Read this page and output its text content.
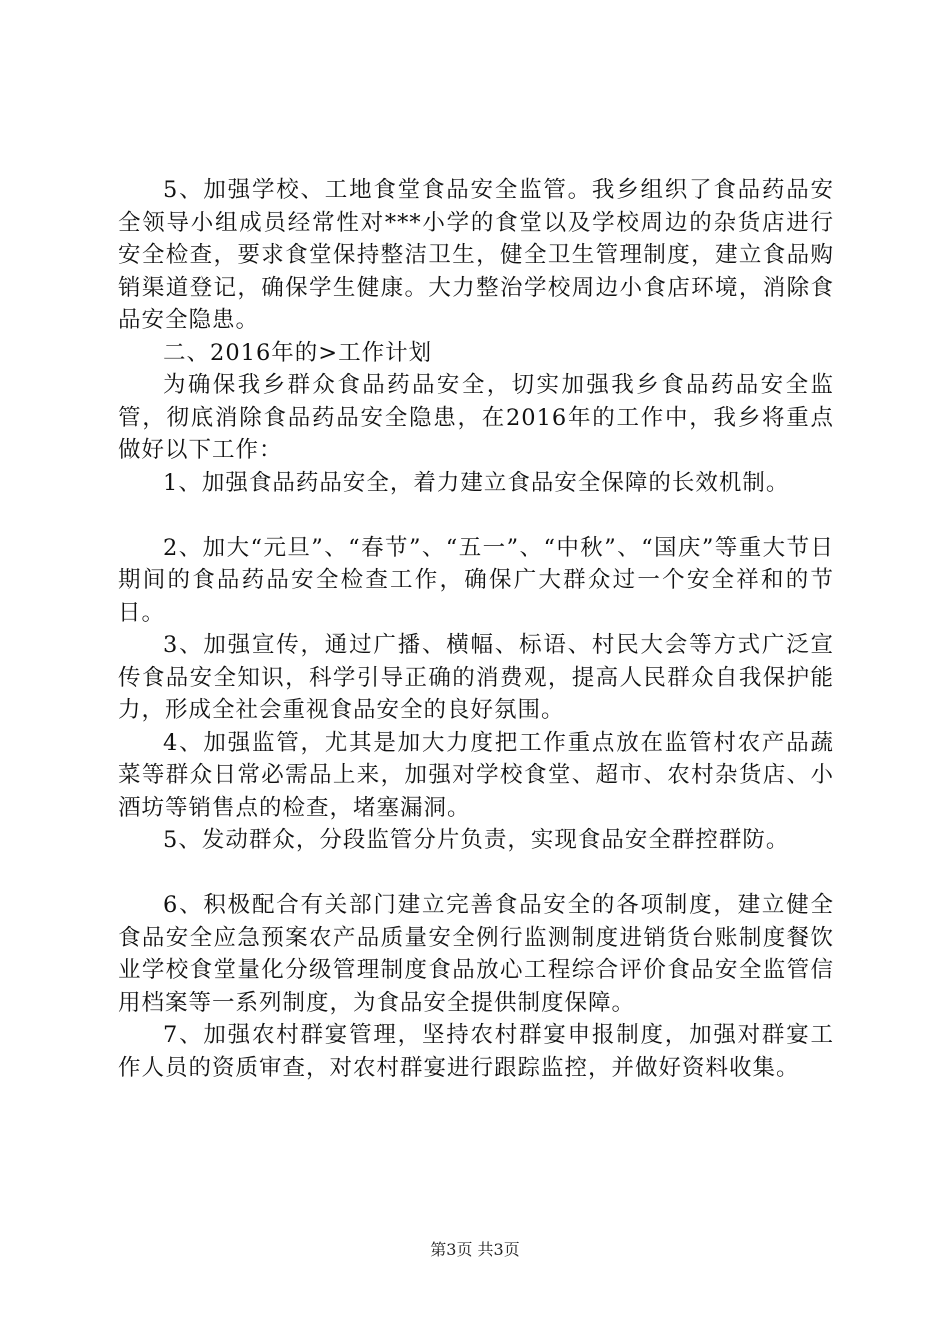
5、加强学校、工地食堂食品安全监管。我乡组织了食品药品安全领导小组成员经常性对***小学的食堂以及学校周边的杂货店进行安全检查，要求食堂保持整洁卫生，健全卫生管理制度，建立食品购销渠道登记，确保学生健康。大力整治学校周边小食店环境，消除食品安全隐患。

二、2016年的>工作计划

为确保我乡群众食品药品安全，切实加强我乡食品药品安全监管，彻底消除食品药品安全隐患，在2016年的工作中，我乡将重点做好以下工作：

1、加强食品药品安全，着力建立食品安全保障的长效机制。

2、加大“元旦”、“春节”、“五一”、“中秋”、“国庆”等重大节日期间的食品药品安全检查工作，确保广大群众过一个安全祥和的节日。

3、加强宣传，通过广播、横幅、标语、村民大会等方式广泛宣传食品安全知识，科学引导正确的消费观，提高人民群众自我保护能力，形成全社会重视食品安全的良好氛围。

4、加强监管，尤其是加大力度把工作重点放在监管村农产品蔬菜等群众日常必需品上来，加强对学校食堂、超市、农村杂货店、小酒坊等销售点的检查，堵塞漏洞。

5、发动群众，分段监管分片负责，实现食品安全群控群防。

6、积极配合有关部门建立完善食品安全的各项制度，建立健全食品安全应急预案农产品质量安全例行监测制度进销货台账制度餐饮业学校食堂量化分级管理制度食品放心工程综合评价食品安全监管信用档案等一系列制度，为食品安全提供制度保障。

7、加强农村群宴管理，坚持农村群宴申报制度，加强对群宴工作人员的资质审查，对农村群宴进行跟踪监控，并做好资料收集。

第3页 共3页
